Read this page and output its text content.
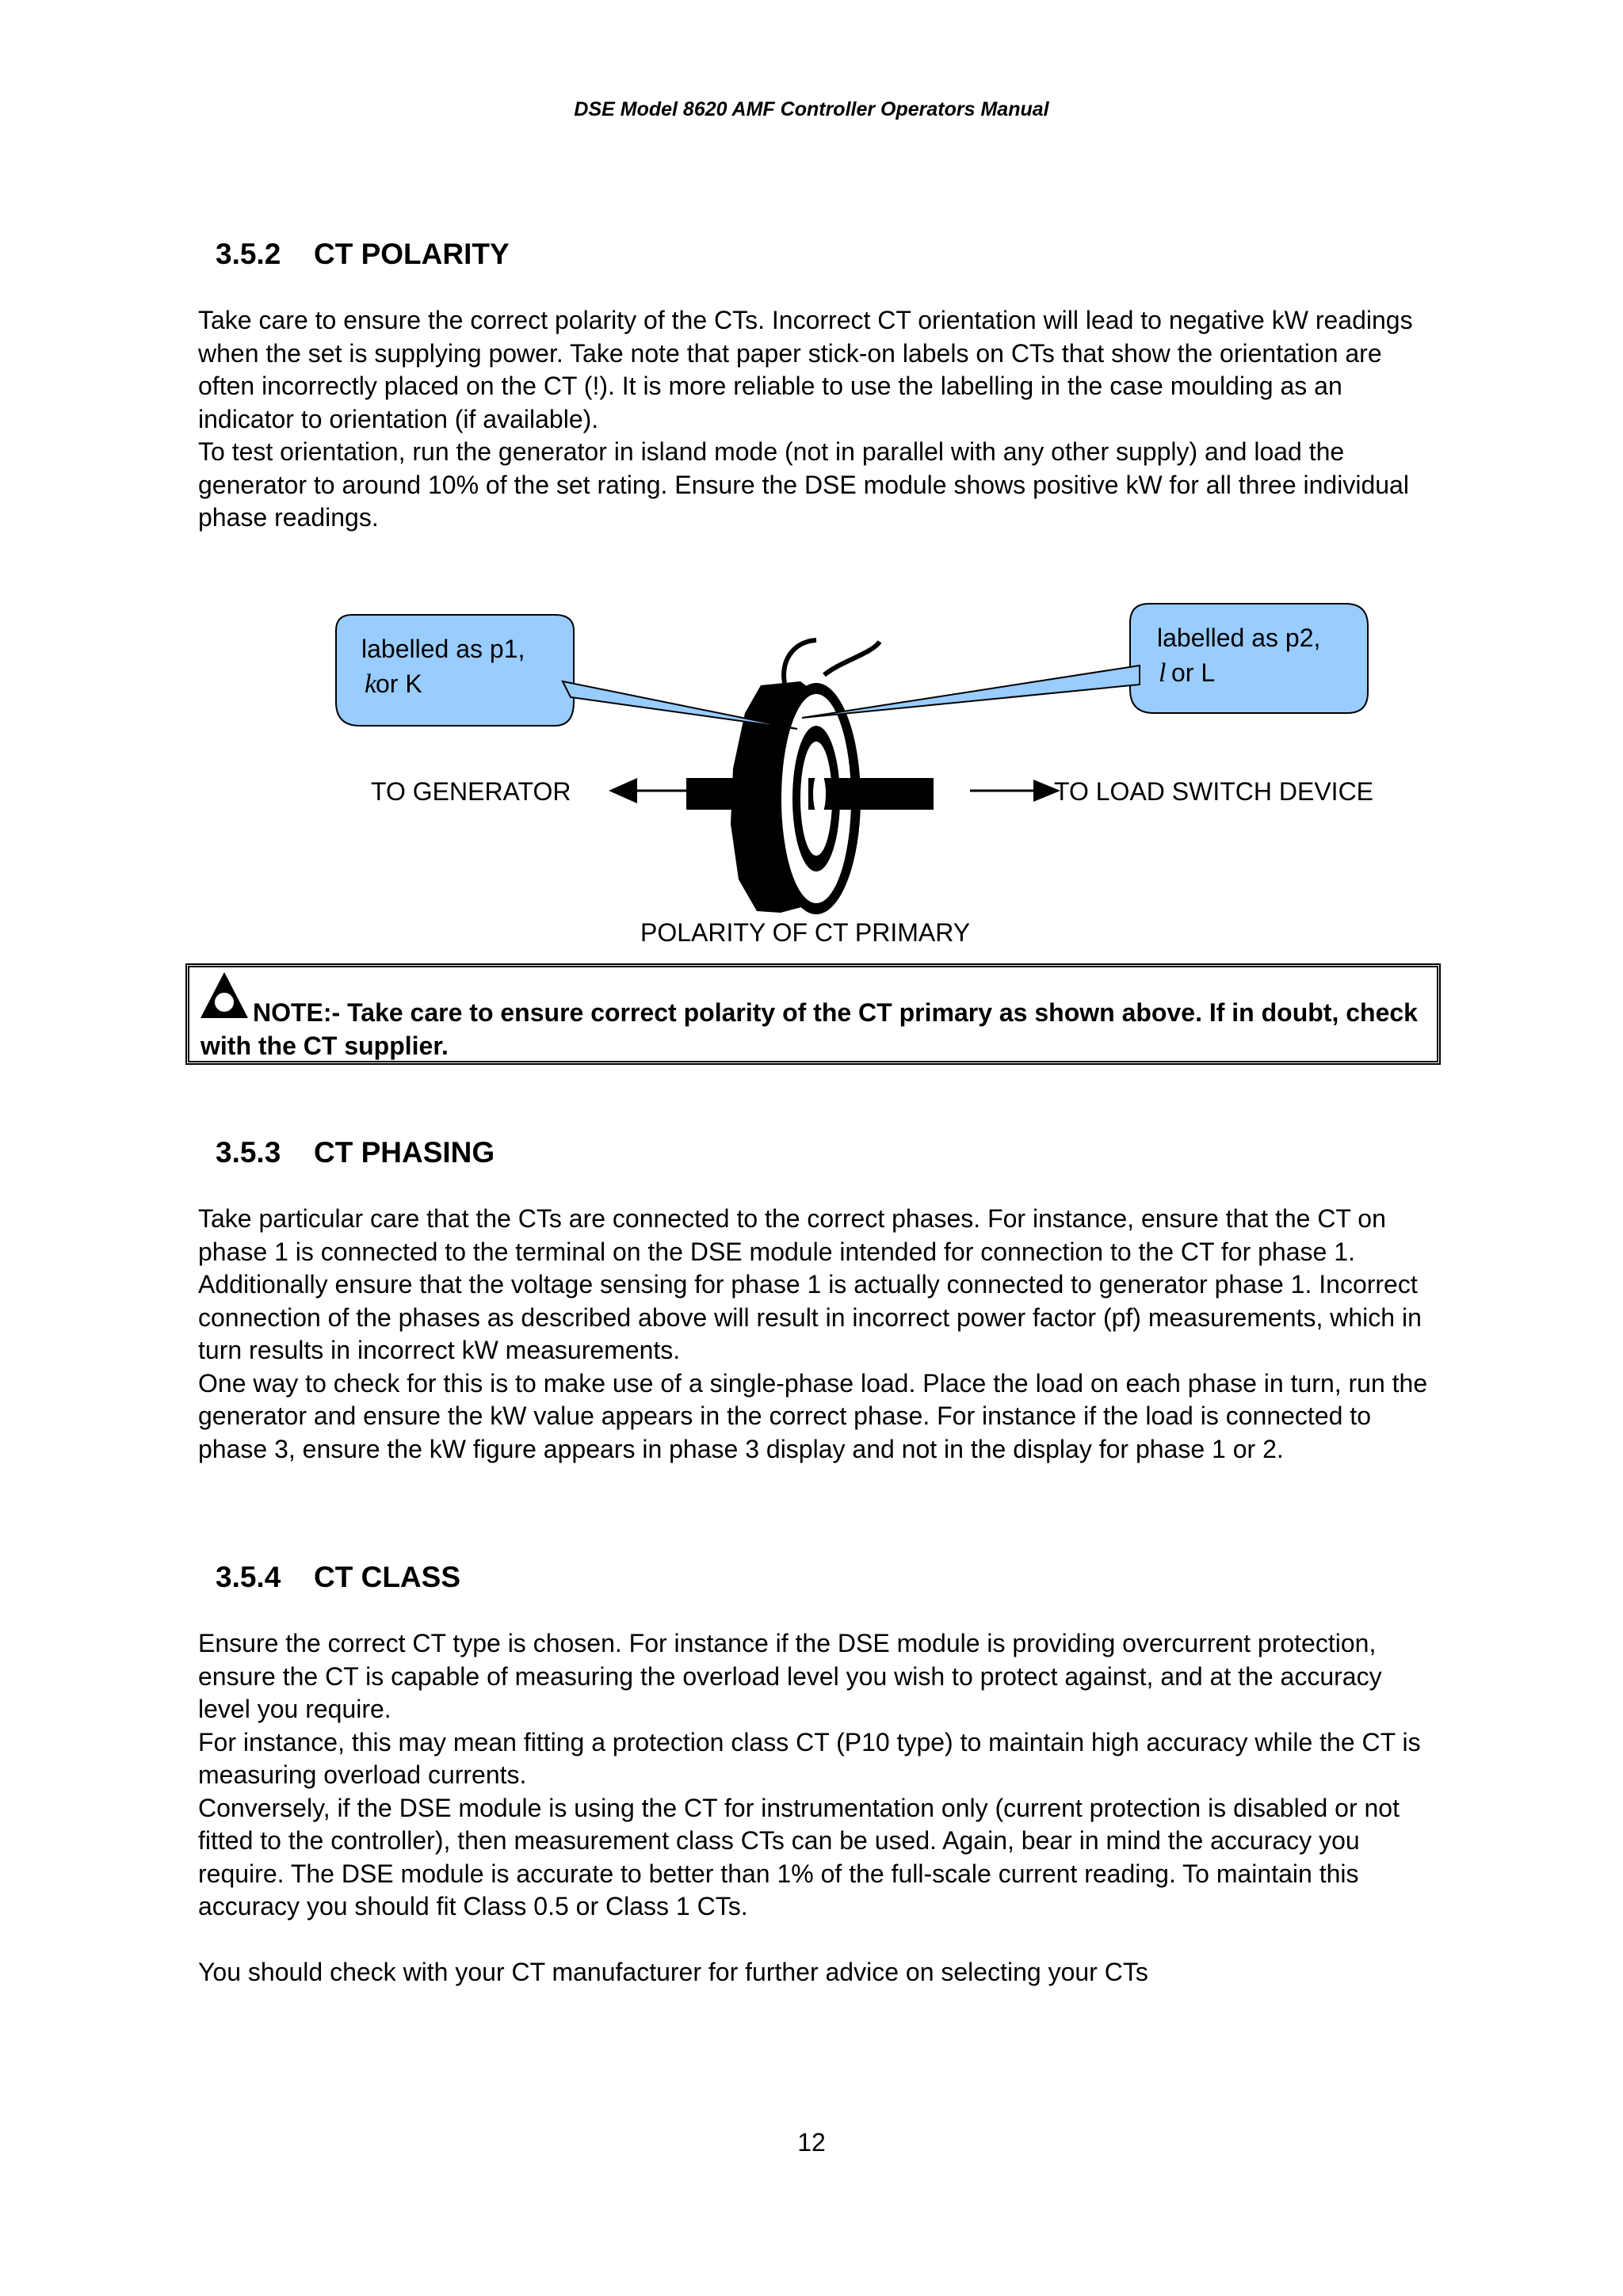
DSE Model 8620 AMF Controller Operators Manual
3.5.2 CT POLARITY

Take care to ensure the correct polarity of the CTs. Incorrect CT orientation will lead to negative kW readings when the set is supplying power. Take note that paper stick-on labels on CTs that show the orientation are often incorrectly placed on the CT (!). It is more reliable to use the labelling in the case moulding as an indicator to orientation (if available).

To test orientation, run the generator in island mode (not in parallel with any other supply) and load the generator to around 10% of the set rating. Ensure the DSE module shows positive kW for all three individual phase readings.

labelled as p1,
k
or K
labelled as p2,
l or L
TO GENERATOR	TO LOAD SWITCH DEVICE
POLARITY OF CT PRIMARY
NOTE:- Take care to ensure correct polarity of the CT primary as shown above. If in doubt, check with the CT supplier.
3.5.3 CT PHASING

Take particular care that the CTs are connected to the correct phases. For instance, ensure that the CT on phase 1 is connected to the terminal on the DSE module intended for connection to the CT for phase 1.

Additionally ensure that the voltage sensing for phase 1 is actually connected to generator phase 1. Incorrect connection of the phases as described above will result in incorrect power factor (pf) measurements, which in turn results in incorrect kW measurements.

One way to check for this is to make use of a single-phase load. Place the load on each phase in turn, run the generator and ensure the kW value appears in the correct phase. For instance if the load is connected to phase 3, ensure the kW figure appears in phase 3 display and not in the display for phase 1 or 2.

3.5.4 CT CLASS

Ensure the correct CT type is chosen. For instance if the DSE module is providing overcurrent protection, ensure the CT is capable of measuring the overload level you wish to protect against, and at the accuracy level you require.

For instance, this may mean fitting a protection class CT (P10 type) to maintain high accuracy while the CT is measuring overload currents.

Conversely, if the DSE module is using the CT for instrumentation only (current protection is disabled or not fitted to the controller), then measurement class CTs can be used. Again, bear in mind the accuracy you require. The DSE module is accurate to better than 1% of the full-scale current reading. To maintain this accuracy you should fit Class 0.5 or Class 1 CTs.

You should check with your CT manufacturer for further advice on selecting your CTs

12
